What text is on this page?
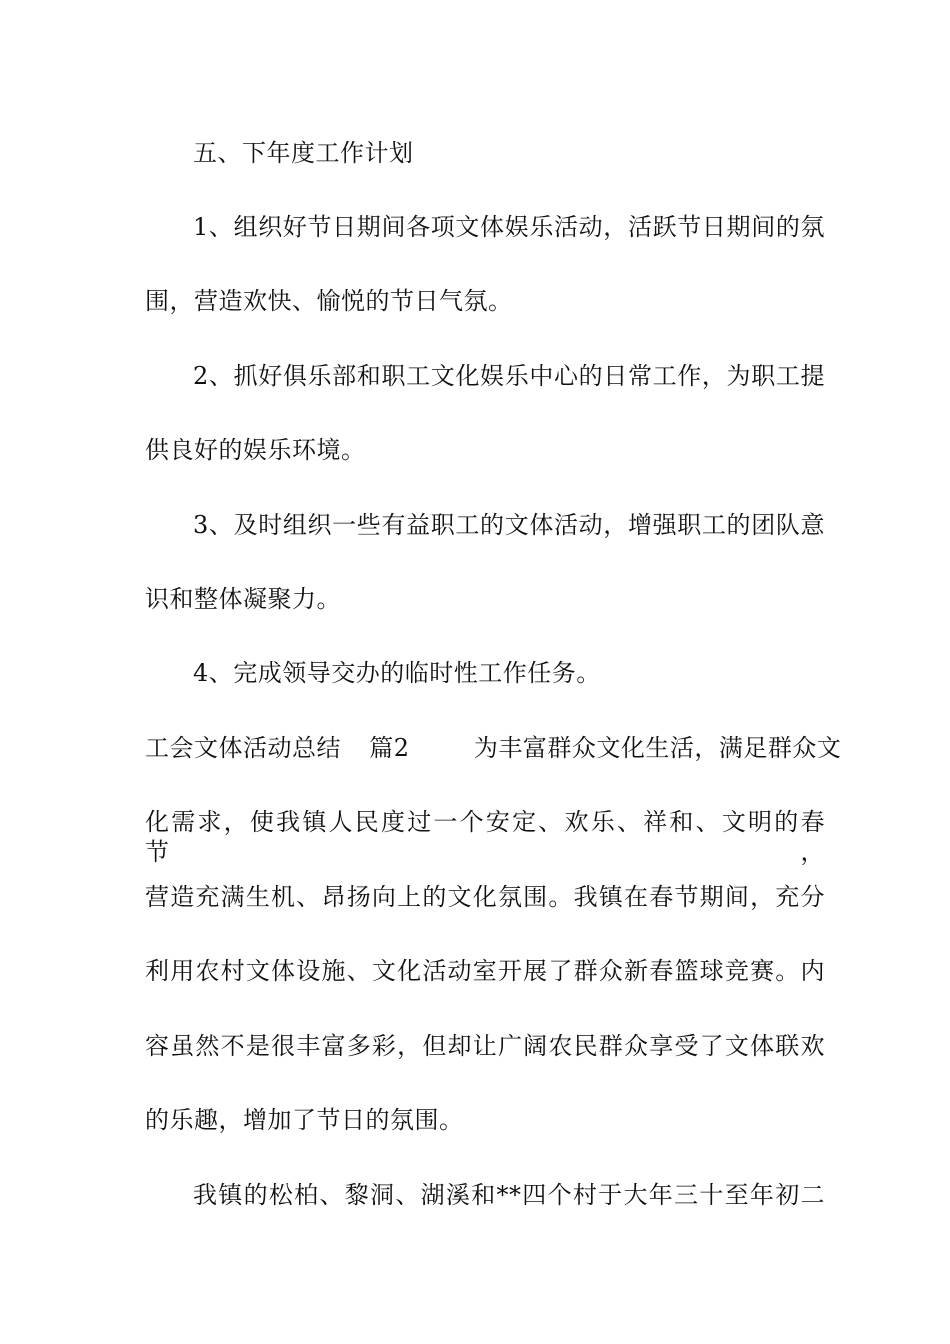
五、下年度工作计划
1、组织好节日期间各项文体娱乐活动，活跃节日期间的氛
围，营造欢快、愉悦的节日气氛。
2、抓好俱乐部和职工文化娱乐中心的日常工作，为职工提
供良好的娱乐环境。
3、及时组织一些有益职工的文体活动，增强职工的团队意
识和整体凝聚力。
4、完成领导交办的临时性工作任务。
工会文体活动总结 篇2	为丰富群众文化生活，满足群众文
化需求，使我镇人民度过一个安定、欢乐、祥和、文明的春节，
营造充满生机、昂扬向上的文化氛围。我镇在春节期间，充分
利用农村文体设施、文化活动室开展了群众新春篮球竞赛。内
容虽然不是很丰富多彩，但却让广阔农民群众享受了文体联欢
的乐趣，增加了节日的氛围。
我镇的松柏、黎洞、湖溪和**四个村于大年三十至年初二
